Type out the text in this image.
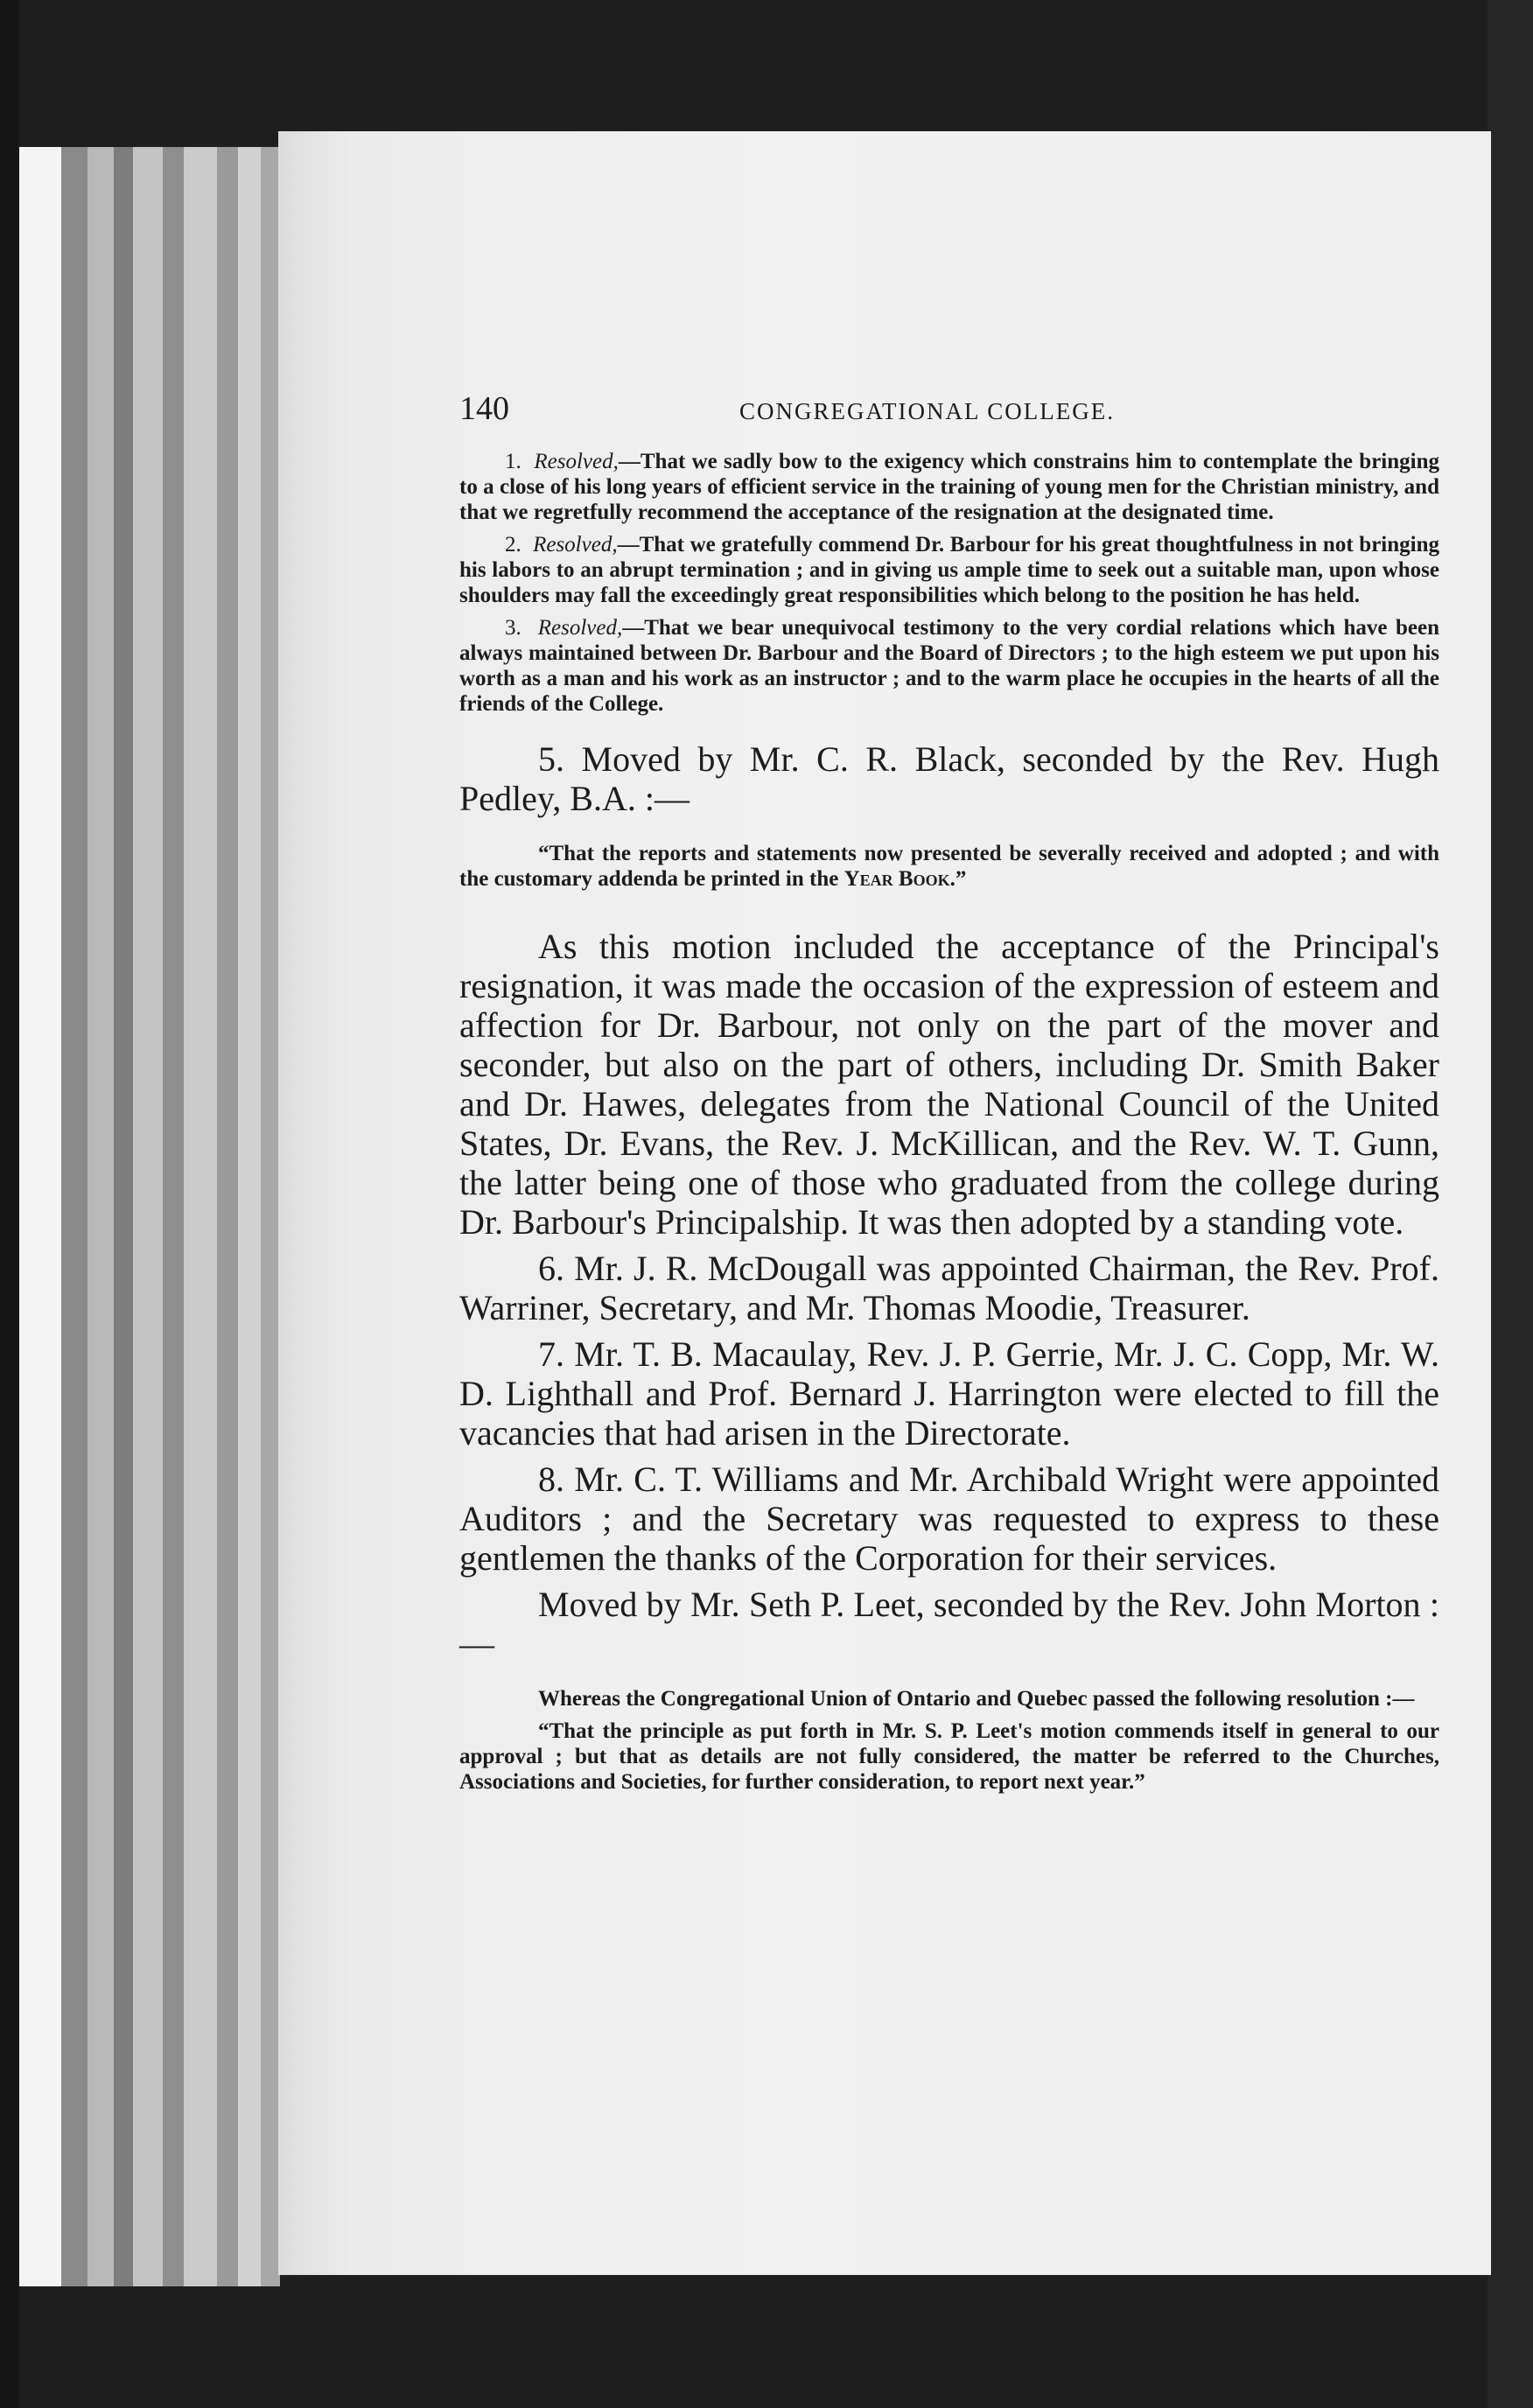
140	CONGREGATIONAL COLLEGE.

1. Resolved,—That we sadly bow to the exigency which constrains him to contemplate the bringing to a close of his long years of efficient service in the training of young men for the Christian ministry, and that we regretfully recommend the acceptance of the resignation at the designated time.

2. Resolved,—That we gratefully commend Dr. Barbour for his great thoughtfulness in not bringing his labors to an abrupt termination ; and in giving us ample time to seek out a suitable man, upon whose shoulders may fall the exceedingly great responsibilities which belong to the position he has held.

3. Resolved,—That we bear unequivocal testimony to the very cordial relations which have been always maintained between Dr. Barbour and the Board of Directors ; to the high esteem we put upon his worth as a man and his work as an instructor ; and to the warm place he occupies in the hearts of all the friends of the College.

5. Moved by Mr. C. R. Black, seconded by the Rev. Hugh Pedley, B.A. :—

“That the reports and statements now presented be severally received and adopted ; and with the customary addenda be printed in the Year Book.”

As this motion included the acceptance of the Principal's resignation, it was made the occasion of the expression of esteem and affection for Dr. Barbour, not only on the part of the mover and seconder, but also on the part of others, including Dr. Smith Baker and Dr. Hawes, delegates from the National Council of the United States, Dr. Evans, the Rev. J. McKillican, and the Rev. W. T. Gunn, the latter being one of those who graduated from the college during Dr. Barbour's Principalship. It was then adopted by a standing vote.

6. Mr. J. R. McDougall was appointed Chairman, the Rev. Prof. Warriner, Secretary, and Mr. Thomas Moodie, Treasurer.

7. Mr. T. B. Macaulay, Rev. J. P. Gerrie, Mr. J. C. Copp, Mr. W. D. Lighthall and Prof. Bernard J. Harrington were elected to fill the vacancies that had arisen in the Directorate.

8. Mr. C. T. Williams and Mr. Archibald Wright were appointed Auditors ; and the Secretary was requested to express to these gentlemen the thanks of the Corporation for their services.

Moved by Mr. Seth P. Leet, seconded by the Rev. John Morton :—

Whereas the Congregational Union of Ontario and Quebec passed the following resolution :—

“That the principle as put forth in Mr. S. P. Leet's motion commends itself in general to our approval ; but that as details are not fully considered, the matter be referred to the Churches, Associations and Societies, for further consideration, to report next year.”
